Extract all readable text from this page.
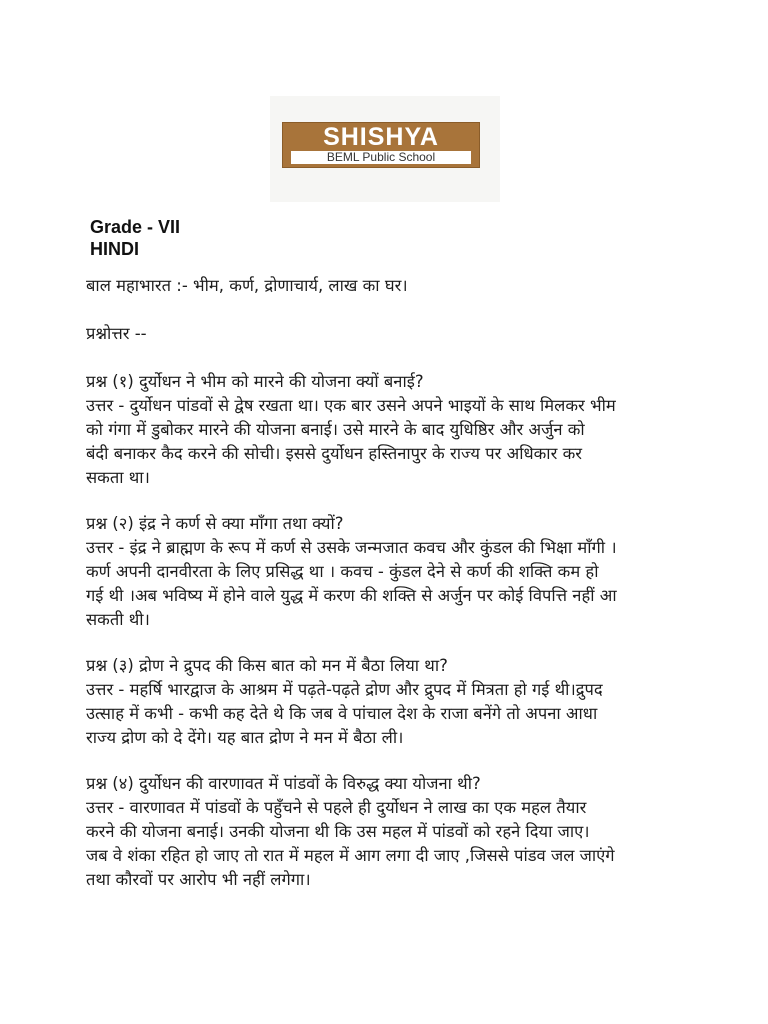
SHISHYA
BEML Public School
Grade - VII
HINDI

बाल महाभारत :- भीम, कर्ण, द्रोणाचार्य, लाख का घर।

प्रश्नोत्तर --

प्रश्न (१) दुर्योधन ने भीम को मारने की योजना क्यों बनाई?

उत्तर - दुर्योधन पांडवों से द्वेष रखता था। एक बार उसने अपने भाइयों के साथ मिलकर भीम

को गंगा में डुबोकर मारने की योजना बनाई। उसे मारने के बाद युधिष्ठिर और अर्जुन को

बंदी बनाकर कैद करने की सोची। इससे दुर्योधन हस्तिनापुर के राज्य पर अधिकार कर

सकता था।

प्रश्न (२) इंद्र ने कर्ण से क्या माँगा तथा क्यों?

उत्तर - इंद्र ने ब्राह्मण के रूप में कर्ण से उसके जन्मजात कवच और कुंडल की भिक्षा माँगी ।

कर्ण अपनी दानवीरता के लिए प्रसिद्ध था । कवच - कुंडल देने से कर्ण की शक्ति कम हो

गई थी ।अब भविष्य में होने वाले युद्ध में करण की शक्ति से अर्जुन पर कोई विपत्ति नहीं आ

सकती थी।

प्रश्न (३) द्रोण ने द्रुपद की किस बात को मन में बैठा लिया था?

उत्तर - महर्षि भारद्वाज के आश्रम में पढ़ते-पढ़ते द्रोण और द्रुपद में मित्रता हो गई थी।द्रुपद

उत्साह में कभी - कभी कह देते थे कि जब वे पांचाल देश के राजा बनेंगे तो अपना आधा

राज्य द्रोण को दे देंगे। यह बात द्रोण ने मन में बैठा ली।

प्रश्न (४) दुर्योधन की वारणावत में पांडवों के विरुद्ध क्या योजना थी?

उत्तर - वारणावत में पांडवों के पहुँचने से पहले ही दुर्योधन ने लाख का एक महल तैयार

करने की योजना बनाई। उनकी योजना थी कि उस महल में पांडवों को रहने दिया जाए।

जब वे शंका रहित हो जाए तो रात में महल में आग लगा दी जाए ,जिससे पांडव जल जाएंगे

तथा कौरवों पर आरोप भी नहीं लगेगा।
